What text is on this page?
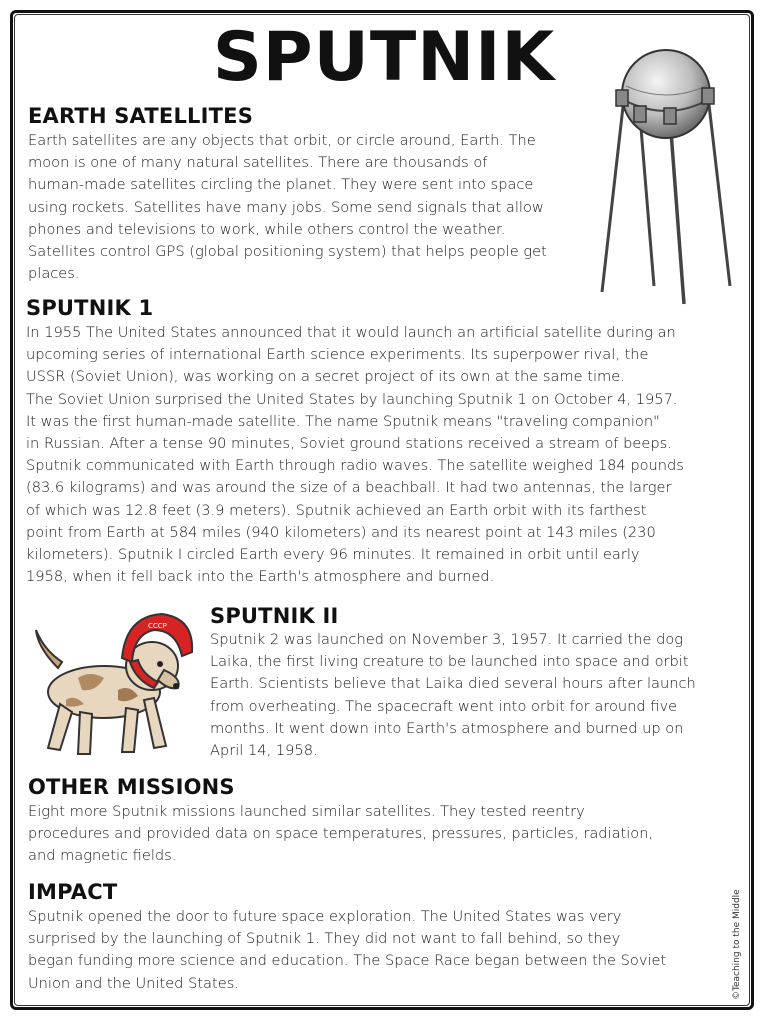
SPUTNIK
EARTH SATELLITES
Earth satellites are any objects that orbit, or circle around, Earth. The
moon is one of many natural satellites. There are thousands of
human-made satellites circling the planet. They were sent into space
using rockets. Satellites have many jobs. Some send signals that allow
phones and televisions to work, while others control the weather.
Satellites control GPS (global positioning system) that helps people get
places.
SPUTNIK 1
In 1955 The United States announced that it would launch an artificial satellite during an
upcoming series of international Earth science experiments. Its superpower rival, the
USSR (Soviet Union), was working on a secret project of its own at the same time.
The Soviet Union surprised the United States by launching Sputnik 1 on October 4, 1957.
It was the first human-made satellite. The name Sputnik means "traveling companion"
in Russian. After a tense 90 minutes, Soviet ground stations received a stream of beeps.
Sputnik communicated with Earth through radio waves. The satellite weighed 184 pounds
(83.6 kilograms) and was around the size of a beachball. It had two antennas, the larger
of which was 12.8 feet (3.9 meters). Sputnik achieved an Earth orbit with its farthest
point from Earth at 584 miles (940 kilometers) and its nearest point at 143 miles (230
kilometers). Sputnik I circled Earth every 96 minutes. It remained in orbit until early
1958, when it fell back into the Earth's atmosphere and burned.
CCCP SPUTNIK II
Sputnik 2 was launched on November 3, 1957. It carried the dog
Laika, the first living creature to be launched into space and orbit
Earth. Scientists believe that Laika died several hours after launch
from overheating. The spacecraft went into orbit for around five
months. It went down into Earth's atmosphere and burned up on
April 14, 1958.
OTHER MISSIONS
Eight more Sputnik missions launched similar satellites. They tested reentry
procedures and provided data on space temperatures, pressures, particles, radiation,
and magnetic fields.
IMPACT
Sputnik opened the door to future space exploration. The United States was very
surprised by the launching of Sputnik 1. They did not want to fall behind, so they
began funding more science and education. The Space Race began between the Soviet
Union and the United States.	©Teaching to the Middle
